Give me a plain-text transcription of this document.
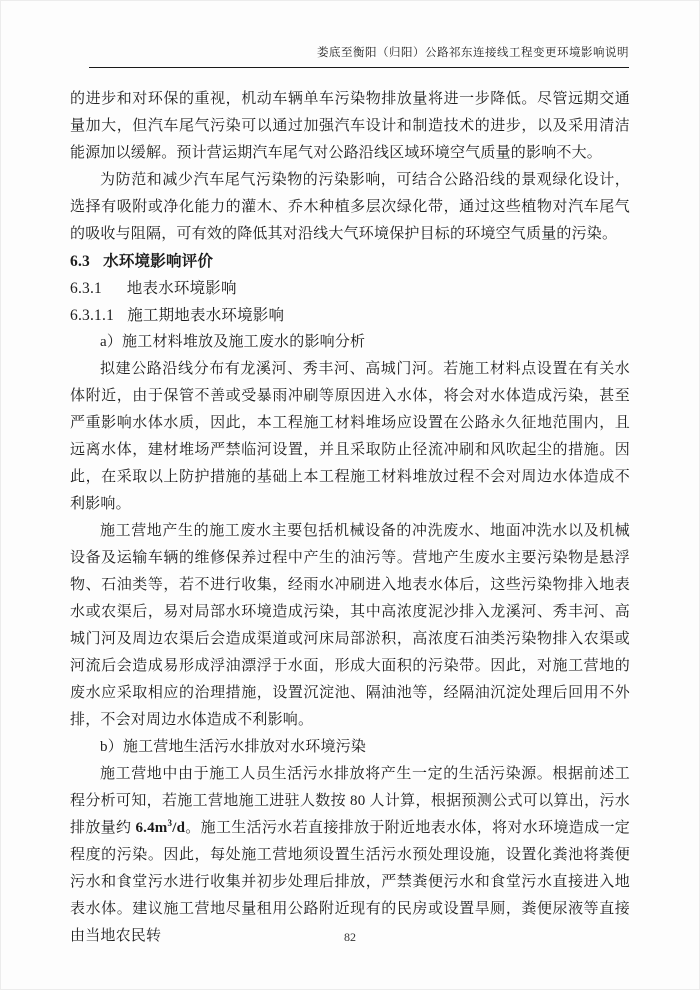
娄底至衡阳（归阳）公路祁东连接线工程变更环境影响说明

的进步和对环保的重视，机动车辆单车污染物排放量将进一步降低。尽管远期交通量加大，但汽车尾气污染可以通过加强汽车设计和制造技术的进步，以及采用清洁能源加以缓解。预计营运期汽车尾气对公路沿线区域环境空气质量的影响不大。

为防范和减少汽车尾气污染物的污染影响，可结合公路沿线的景观绿化设计，选择有吸附或净化能力的灌木、乔木种植多层次绿化带，通过这些植物对汽车尾气的吸收与阻隔，可有效的降低其对沿线大气环境保护目标的环境空气质量的污染。

6.3 水环境影响评价
6.3.1 地表水环境影响
6.3.1.1 施工期地表水环境影响

a）施工材料堆放及施工废水的影响分析

拟建公路沿线分布有龙溪河、秀丰河、高城门河。若施工材料点设置在有关水体附近，由于保管不善或受暴雨冲刷等原因进入水体，将会对水体造成污染，甚至严重影响水体水质，因此，本工程施工材料堆场应设置在公路永久征地范围内，且远离水体，建材堆场严禁临河设置，并且采取防止径流冲刷和风吹起尘的措施。因此，在采取以上防护措施的基础上本工程施工材料堆放过程不会对周边水体造成不利影响。

施工营地产生的施工废水主要包括机械设备的冲洗废水、地面冲洗水以及机械设备及运输车辆的维修保养过程中产生的油污等。营地产生废水主要污染物是悬浮物、石油类等，若不进行收集，经雨水冲刷进入地表水体后，这些污染物排入地表水或农渠后，易对局部水环境造成污染，其中高浓度泥沙排入龙溪河、秀丰河、高城门河及周边农渠后会造成渠道或河床局部淤积，高浓度石油类污染物排入农渠或河流后会造成易形成浮油漂浮于水面，形成大面积的污染带。因此，对施工营地的废水应采取相应的治理措施，设置沉淀池、隔油池等，经隔油沉淀处理后回用不外排，不会对周边水体造成不利影响。

b）施工营地生活污水排放对水环境污染

施工营地中由于施工人员生活污水排放将产生一定的生活污染源。根据前述工程分析可知，若施工营地施工进驻人数按 80 人计算，根据预测公式可以算出，污水排放量约 $6.4m^3/d$。施工生活污水若直接排放于附近地表水体，将对水环境造成一定程度的污染。因此，每处施工营地须设置生活污水预处理设施，设置化粪池将粪便污水和食堂污水进行收集并初步处理后排放，严禁粪便污水和食堂污水直接进入地表水体。建议施工营地尽量租用公路附近现有的民房或设置旱厕，粪便尿液等直接由当地农民转	82
